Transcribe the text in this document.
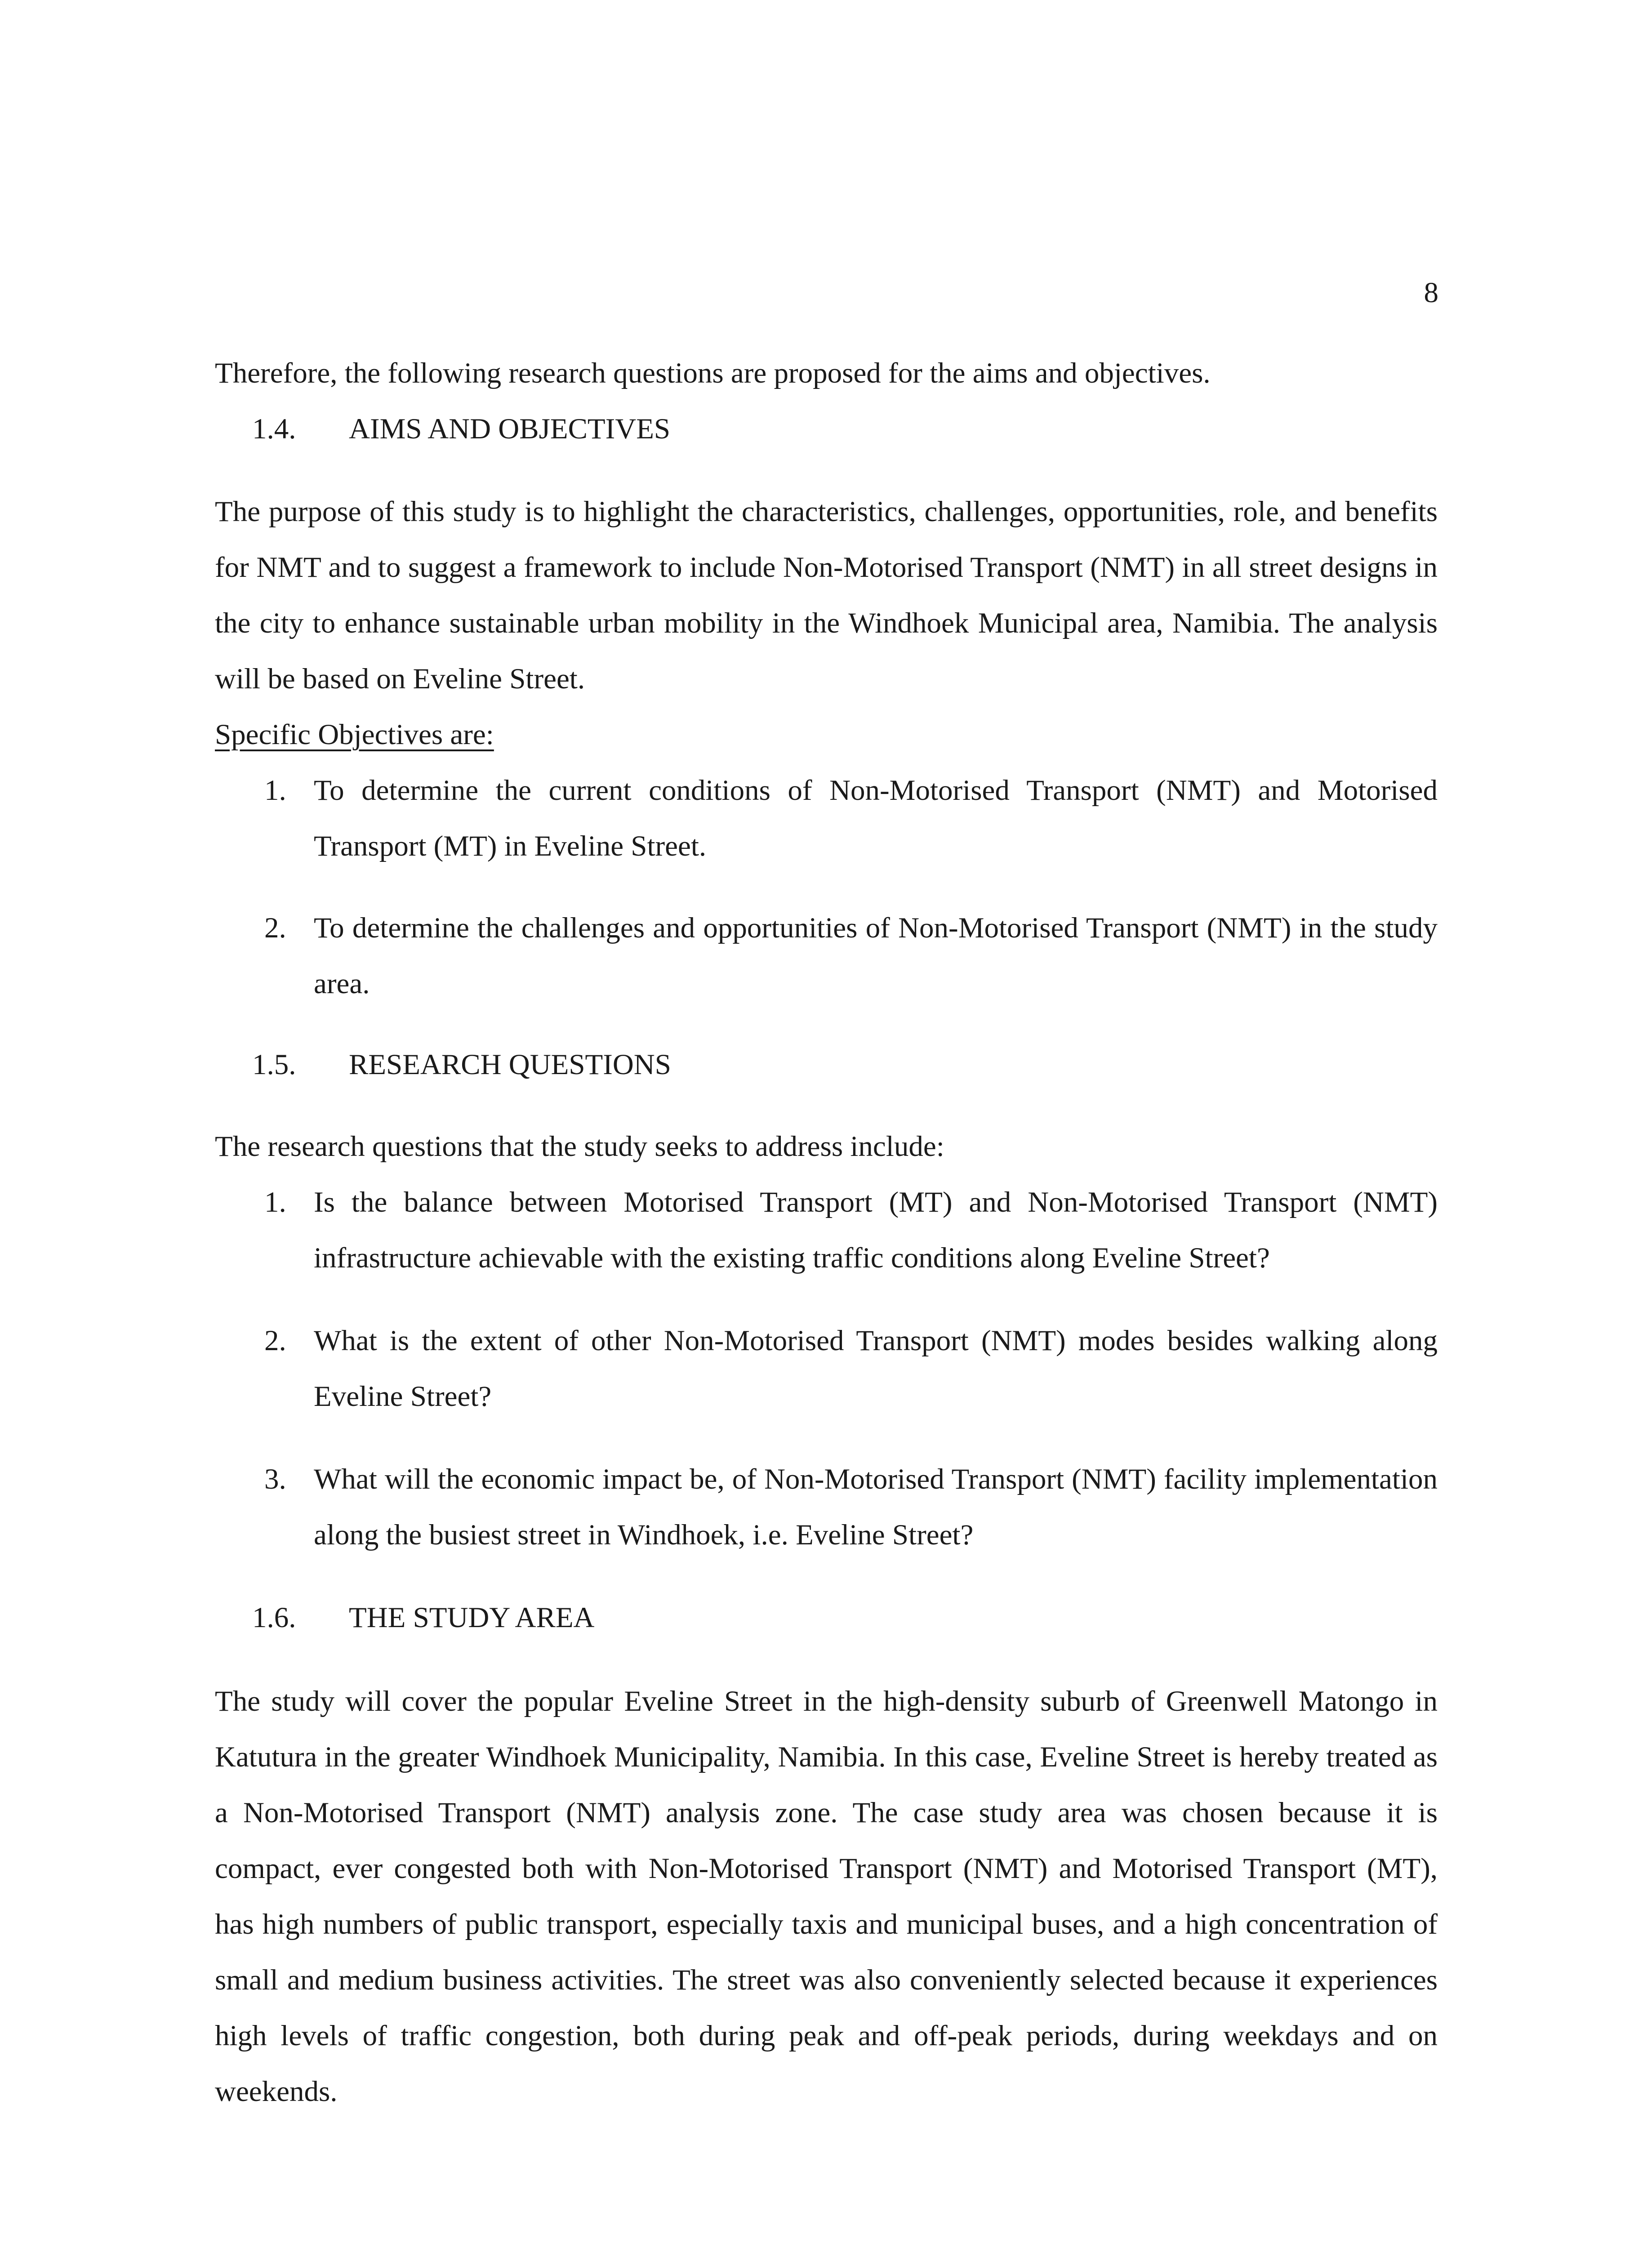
8

Therefore, the following research questions are proposed for the aims and objectives.

1.4.	AIMS AND OBJECTIVES

The purpose of this study is to highlight the characteristics, challenges, opportunities, role, and benefits for NMT and to suggest a framework to include Non-Motorised Transport (NMT) in all street designs in the city to enhance sustainable urban mobility in the Windhoek Municipal area, Namibia. The analysis will be based on Eveline Street.

Specific Objectives are:

1. To determine the current conditions of Non-Motorised Transport (NMT) and Motorised Transport (MT) in Eveline Street.
2. To determine the challenges and opportunities of Non-Motorised Transport (NMT) in the study area.
1.5.	RESEARCH QUESTIONS

The research questions that the study seeks to address include:

1. Is the balance between Motorised Transport (MT) and Non-Motorised Transport (NMT) infrastructure achievable with the existing traffic conditions along Eveline Street?
2. What is the extent of other Non-Motorised Transport (NMT) modes besides walking along Eveline Street?
3. What will the economic impact be, of Non-Motorised Transport (NMT) facility implementation along the busiest street in Windhoek, i.e. Eveline Street?
1.6.	THE STUDY AREA

The study will cover the popular Eveline Street in the high-density suburb of Greenwell Matongo in Katutura in the greater Windhoek Municipality, Namibia. In this case, Eveline Street is hereby treated as a Non-Motorised Transport (NMT) analysis zone. The case study area was chosen because it is compact, ever congested both with Non-Motorised Transport (NMT) and Motorised Transport (MT), has high numbers of public transport, especially taxis and municipal buses, and a high concentration of small and medium business activities. The street was also conveniently selected because it experiences high levels of traffic congestion, both during peak and off-peak periods, during weekdays and on weekends.
